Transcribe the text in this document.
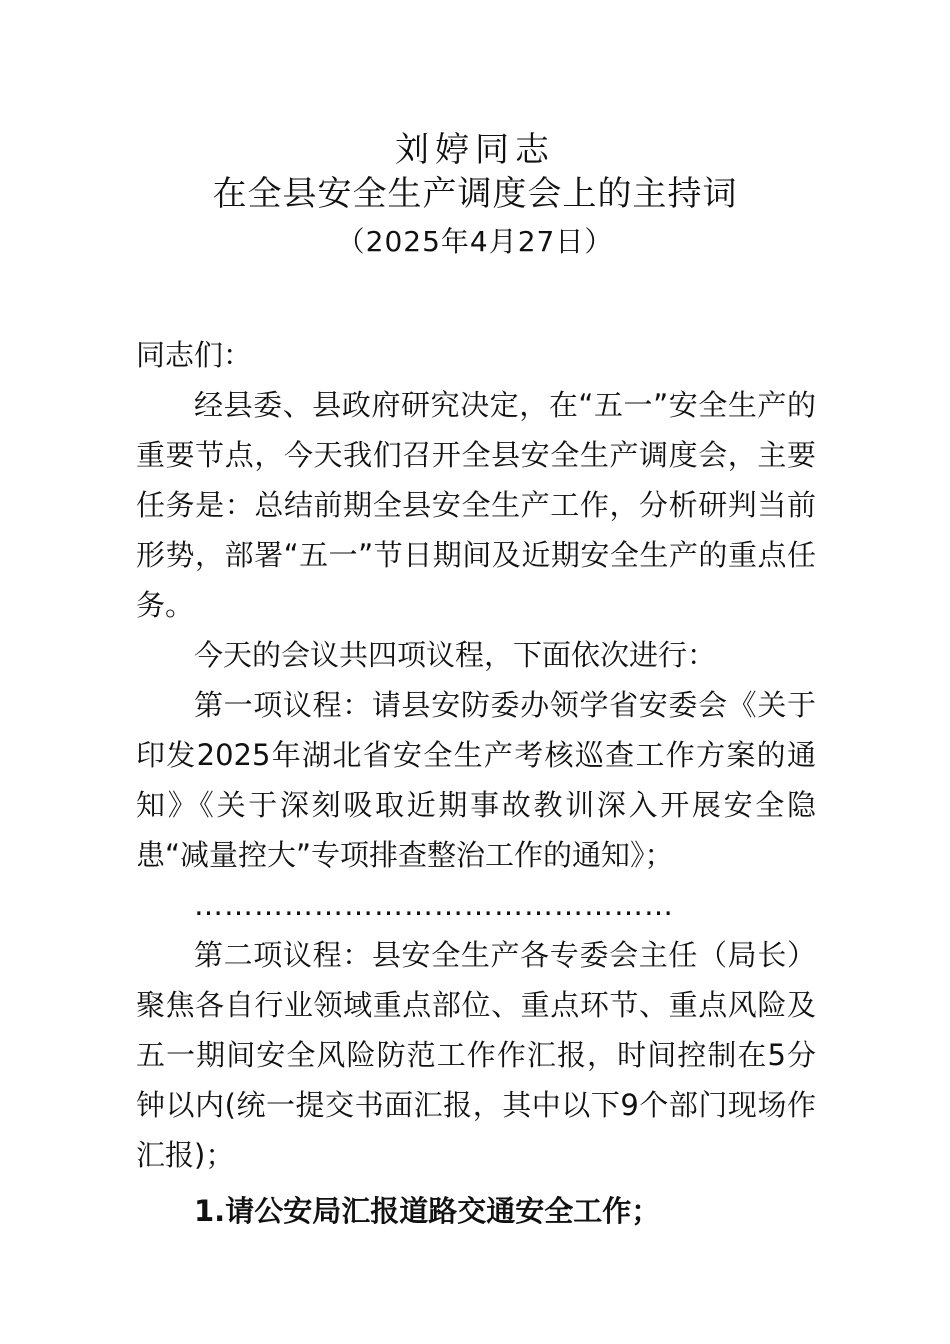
刘婷同志

在全县安全生产调度会上的主持词

（2025年4月27日）

同志们：

经县委、县政府研究决定，在“五一”安全生产的重要节点，今天我们召开全县安全生产调度会，主要任务是：总结前期全县安全生产工作，分析研判当前形势，部署“五一”节日期间及近期安全生产的重点任务。

今天的会议共四项议程，下面依次进行：

第一项议程：请县安防委办领学省安委会《关于印发2025年湖北省安全生产考核巡查工作方案的通知》《关于深刻吸取近期事故教训深入开展安全隐患“减量控大”专项排查整治工作的通知》；

…………………………………………

第二项议程：县安全生产各专委会主任（局长）聚焦各自行业领域重点部位、重点环节、重点风险及五一期间安全风险防范工作作汇报，时间控制在5分钟以内(统一提交书面汇报，其中以下9个部门现场作汇报)；

1.请公安局汇报道路交通安全工作；
